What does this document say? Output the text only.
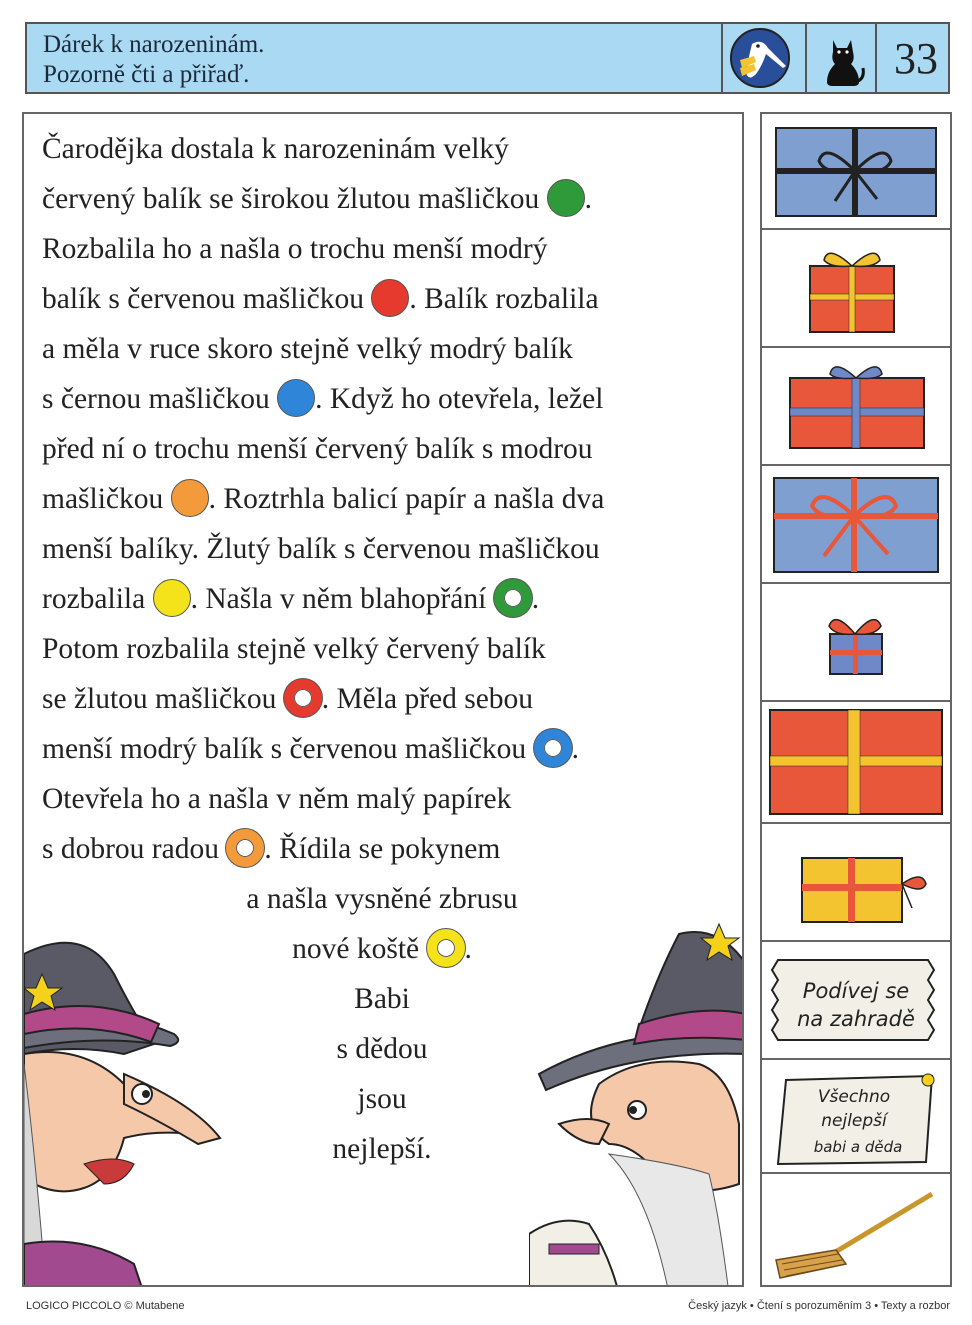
Dárek k narozeninám.
Pozorně čti a přiřaď.	33
Čarodějka dostala k narozeninám velký
červený balík se širokou žlutou mašličkou .
Rozbalila ho a našla o trochu menší modrý
balík s červenou mašličkou . Balík rozbalila
a měla v ruce skoro stejně velký modrý balík
s černou mašličkou . Když ho otevřela, ležel
před ní o trochu menší červený balík s modrou
mašličkou . Roztrhla balicí papír a našla dva
menší balíky. Žlutý balík s červenou mašličkou
rozbalila . Našla v něm blahopřání .
Potom rozbalila stejně velký červený balík
se žlutou mašličkou . Měla před sebou
menší modrý balík s červenou mašličkou .
Otevřela ho a našla v něm malý papírek
s dobrou radou . Řídila se pokynem
a našla vysněné zbrusu
nové koště .
Babi
s dědou
jsou
nejlepší.
Podívej se
na zahradě
Všechno
nejlepší
babi a děda
LOGICO PICCOLO © Mutabene	Český jazyk • Čtení s porozuměním 3 • Texty a rozbor
